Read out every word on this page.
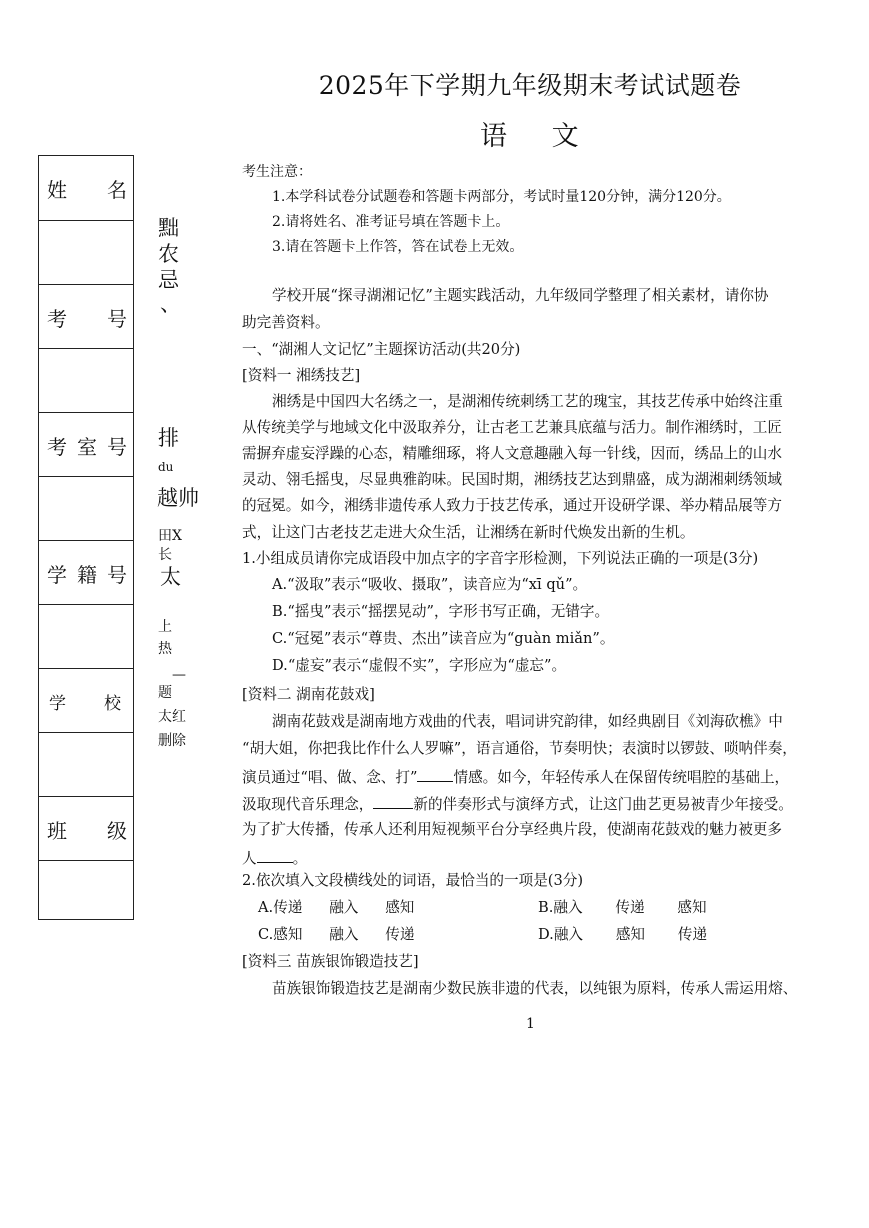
2025年下学期九年级期末考试试题卷
语 文
姓 名
考 号
考 室 号
学 籍 号
学 校
班 级
黜
农
忌
、
排
du
越帅
田X
长
太
上
热
—
题
太红
删除
考生注意：
1.本学科试卷分试题卷和答题卡两部分，考试时量120分钟，满分120分。
2.请将姓名、准考证号填在答题卡上。
3.请在答题卡上作答，答在试卷上无效。
学校开展“探寻湖湘记忆”主题实践活动，九年级同学整理了相关素材，请你协
助完善资料。
一、“湖湘人文记忆”主题探访活动(共20分)
[资料一 湘绣技艺]
湘绣是中国四大名绣之一，是湖湘传统刺绣工艺的瑰宝，其技艺传承中始终注重
从传统美学与地域文化中汲取养分，让古老工艺兼具底蕴与活力。制作湘绣时，工匠
需摒弃虚妄浮躁的心态，精雕细琢，将人文意趣融入每一针线，因而，绣品上的山水
灵动、翎毛摇曳，尽显典雅韵味。民国时期，湘绣技艺达到鼎盛，成为湖湘刺绣领域
的冠冕。如今，湘绣非遗传承人致力于技艺传承，通过开设研学课、举办精品展等方
式，让这门古老技艺走进大众生活，让湘绣在新时代焕发出新的生机。
1.小组成员请你完成语段中加点字的字音字形检测，下列说法正确的一项是(3分)
A.“汲取”表示“吸收、摄取”，读音应为“xī qǔ”。
B.“摇曳”表示“摇摆晃动”，字形书写正确，无错字。
C.“冠冕”表示“尊贵、杰出”读音应为“guàn miǎn”。
D.“虚妄”表示“虚假不实”，字形应为“虚忘”。
[资料二 湖南花鼓戏]
湖南花鼓戏是湖南地方戏曲的代表，唱词讲究韵律，如经典剧目《刘海砍樵》中
“胡大姐，你把我比作什么人罗嘛”，语言通俗，节奏明快；表演时以锣鼓、唢呐伴奏，
演员通过“唱、做、念、打” 情感。如今，年轻传承人在保留传统唱腔的基础上，
汲取现代音乐理念，	新的伴奏形式与演绎方式，让这门曲艺更易被青少年接受。
为了扩大传播，传承人还利用短视频平台分享经典片段，使湖南花鼓戏的魅力被更多
人 。
2.依次填入文段横线处的词语，最恰当的一项是(3分)
A.传递 融入 感知	B.融入 传递 感知
C.感知 融入 传递	D.融入 感知 传递
[资料三 苗族银饰锻造技艺]
苗族银饰锻造技艺是湖南少数民族非遗的代表，以纯银为原料，传承人需运用熔、
1
